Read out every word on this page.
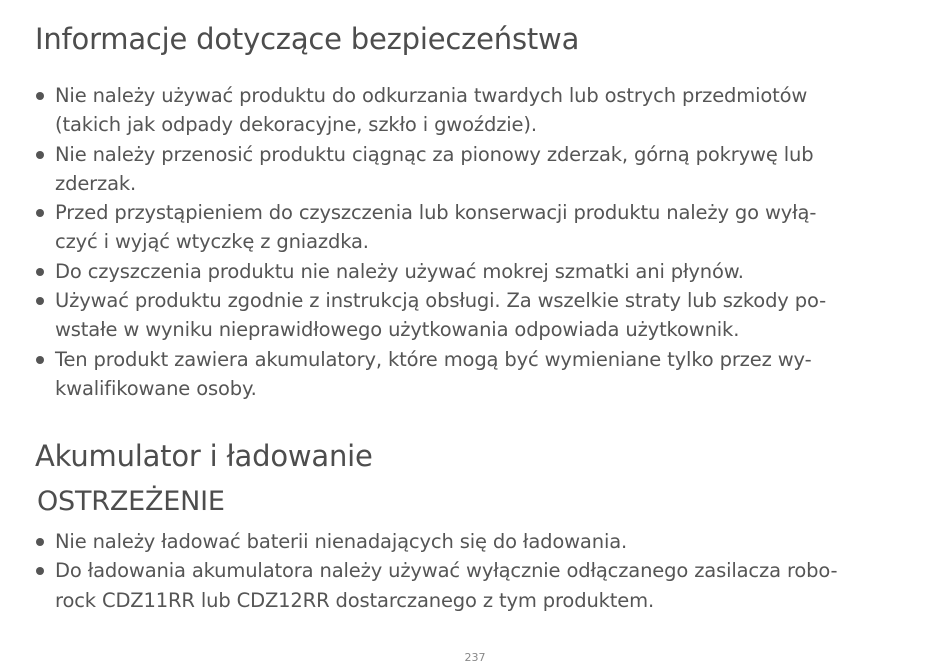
Informacje dotyczące bezpieczeństwa
Nie należy używać produktu do odkurzania twardych lub ostrych przedmiotów
(takich jak odpady dekoracyjne, szkło i gwoździe).
Nie należy przenosić produktu ciągnąc za pionowy zderzak, górną pokrywę lub
zderzak.
Przed przystąpieniem do czyszczenia lub konserwacji produktu należy go wyłą-
czyć i wyjąć wtyczkę z gniazdka.
Do czyszczenia produktu nie należy używać mokrej szmatki ani płynów.
Używać produktu zgodnie z instrukcją obsługi. Za wszelkie straty lub szkody po-
wstałe w wyniku nieprawidłowego użytkowania odpowiada użytkownik.
Ten produkt zawiera akumulatory, które mogą być wymieniane tylko przez wy-
kwalifikowane osoby.
Akumulator i ładowanie
OSTRZEŻENIE
Nie należy ładować baterii nienadających się do ładowania.
Do ładowania akumulatora należy używać wyłącznie odłączanego zasilacza robo-
rock CDZ11RR lub CDZ12RR dostarczanego z tym produktem.
237
